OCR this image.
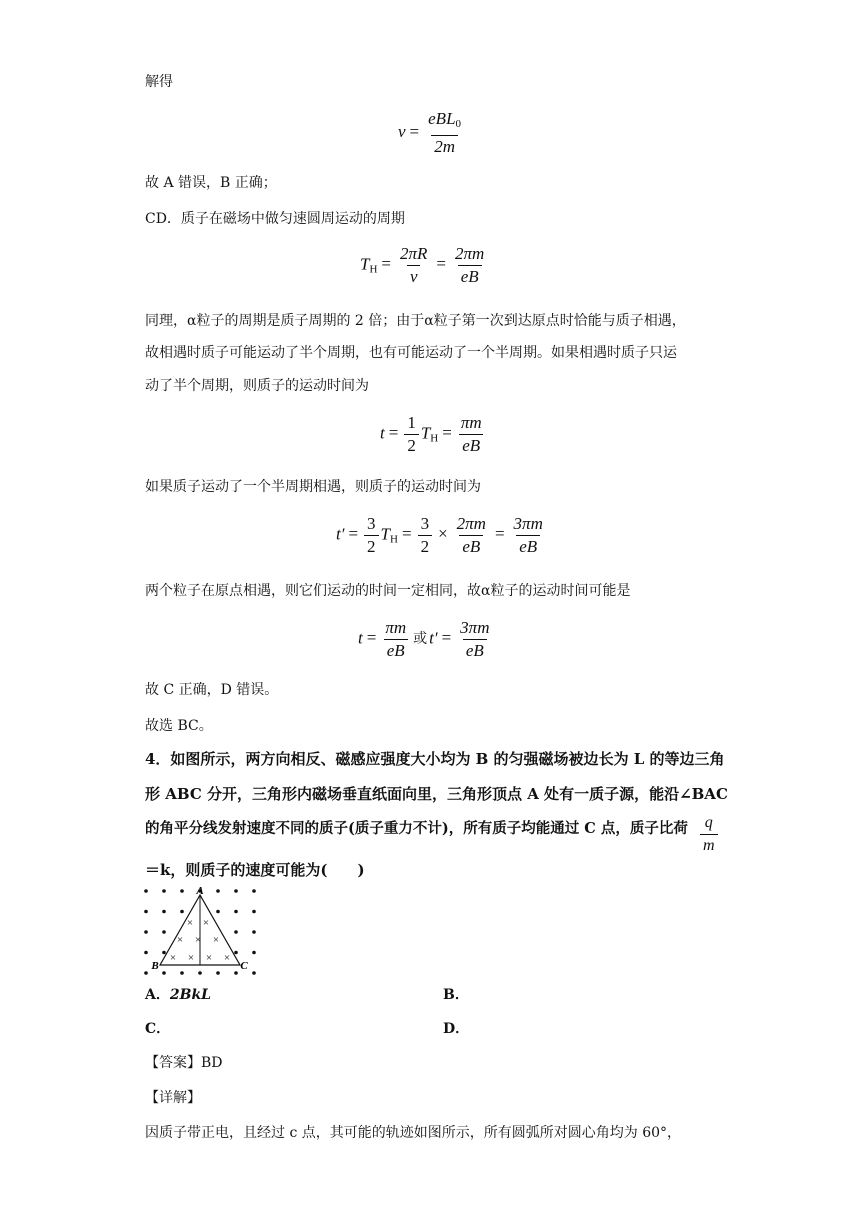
解得
$v = \frac{eBL_0}{2m}$
故 A 错误，B 正确；
CD．质子在磁场中做匀速圆周运动的周期
$T_H = \frac{2\pi R}{v} = \frac{2\pi m}{eB}$
同理，α粒子的周期是质子周期的 2 倍；由于α粒子第一次到达原点时恰能与质子相遇，
故相遇时质子可能运动了半个周期，也有可能运动了一个半周期。如果相遇时质子只运
动了半个周期，则质子的运动时间为
$t = \frac{1}{2} T_H = \frac{\pi m}{eB}$
如果质子运动了一个半周期相遇，则质子的运动时间为
$t' = \frac{3}{2} T_H = \frac{3}{2} \times \frac{2\pi m}{eB} = \frac{3\pi m}{eB}$
两个粒子在原点相遇，则它们运动的时间一定相同，故α粒子的运动时间可能是
$t = \frac{\pi m}{eB}$ 或 $t' = \frac{3\pi m}{eB}$
故 C 正确，D 错误。
故选 BC。
4．如图所示，两方向相反、磁感应强度大小均为 B 的匀强磁场被边长为 L 的等边三角
形 ABC 分开，三角形内磁场垂直纸面向里，三角形顶点 A 处有一质子源，能沿∠BAC
的角平分线发射速度不同的质子(质子重力不计)，所有质子均能通过 C 点，质子比荷 $\frac{q}{m}$
＝k，则质子的速度可能为(　　)
× ×
× × ×
× × × ×
A
B	C
A．2BkL	B．
C．	D．
【答案】BD
【详解】
因质子带正电，且经过 c 点，其可能的轨迹如图所示，所有圆弧所对圆心角均为 60°，
